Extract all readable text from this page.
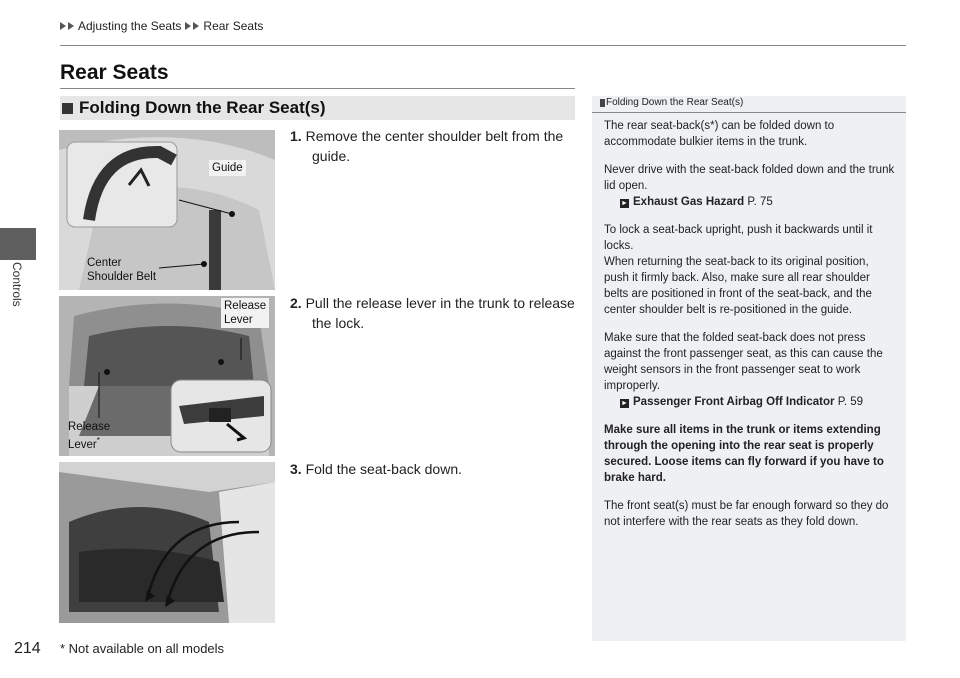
Adjusting the Seats Rear Seats
Controls
Rear Seats
Folding Down the Rear Seat(s)
Guide
Center
Shoulder Belt
Release
Lever
Release
Lever*
1. Remove the center shoulder belt from the guide.
2. Pull the release lever in the trunk to release the lock.
3. Fold the seat-back down.
Folding Down the Rear Seat(s)

The rear seat-back(s*) can be folded down to accommodate bulkier items in the trunk.

Never drive with the seat-back folded down and the trunk lid open.
► Exhaust Gas Hazard P. 75

To lock a seat-back upright, push it backwards until it locks.
When returning the seat-back to its original position, push it firmly back. Also, make sure all rear shoulder belts are positioned in front of the seat-back, and the center shoulder belt is re-positioned in the guide.

Make sure that the folded seat-back does not press against the front passenger seat, as this can cause the weight sensors in the front passenger seat to work improperly.
► Passenger Front Airbag Off Indicator P. 59

Make sure all items in the trunk or items extending through the opening into the rear seat is properly secured. Loose items can fly forward if you have to brake hard.

The front seat(s) must be far enough forward so they do not interfere with the rear seats as they fold down.

214 * Not available on all models
